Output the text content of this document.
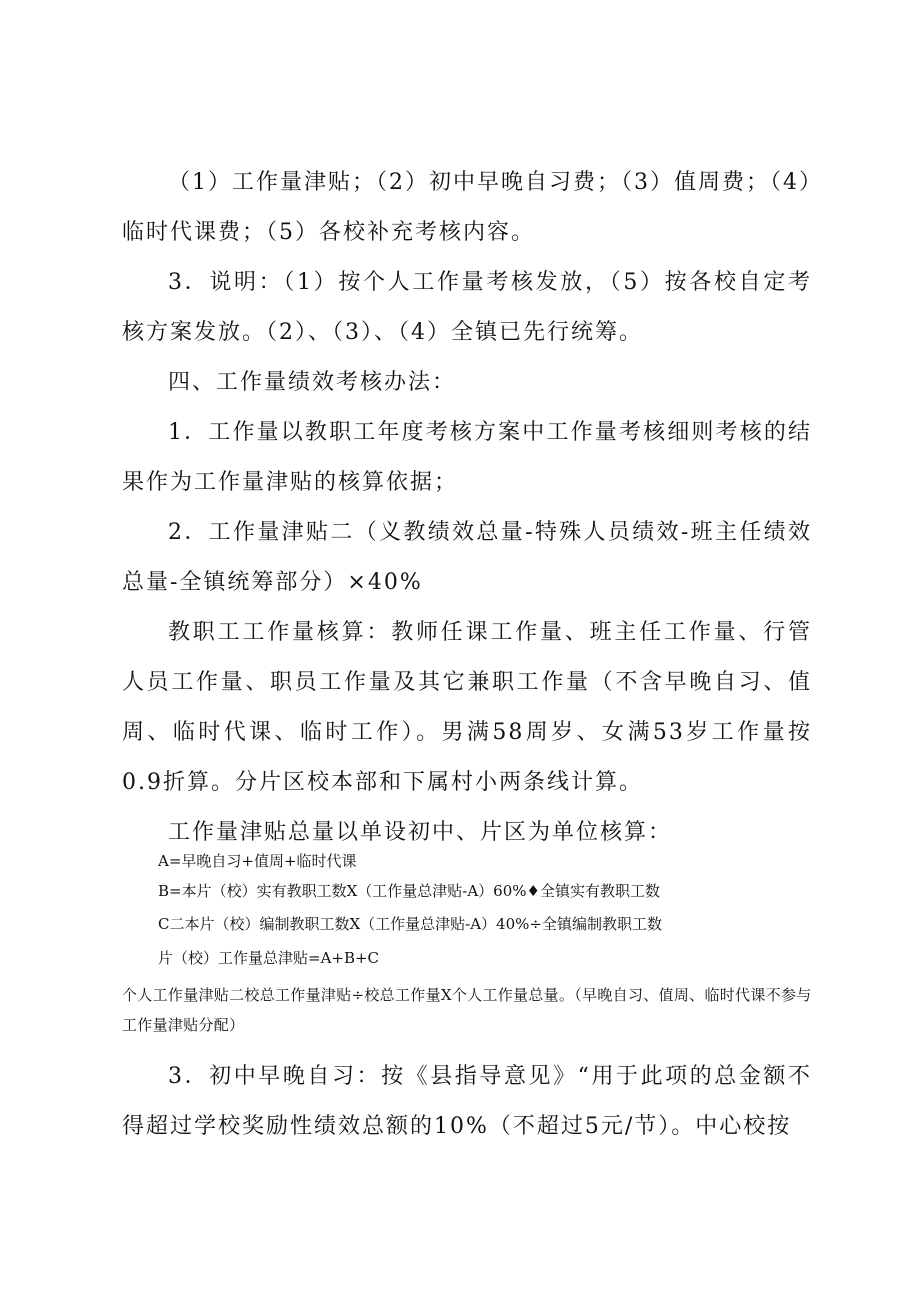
（1）工作量津贴；（2）初中早晚自习费；（3）值周费；（4）临时代课费；（5）各校补充考核内容。

3．说明：（1）按个人工作量考核发放，（5）按各校自定考核方案发放。（2）、（3）、（4）全镇已先行统筹。

四、工作量绩效考核办法：

1．工作量以教职工年度考核方案中工作量考核细则考核的结果作为工作量津贴的核算依据；

2．工作量津贴二（义教绩效总量-特殊人员绩效-班主任绩效总量-全镇统筹部分）×40%

教职工工作量核算：教师任课工作量、班主任工作量、行管人员工作量、职员工作量及其它兼职工作量（不含早晚自习、值周、临时代课、临时工作）。男满58周岁、女满53岁工作量按0.9折算。分片区校本部和下属村小两条线计算。

工作量津贴总量以单设初中、片区为单位核算：

A=早晚自习+值周+临时代课

B=本片（校）实有教职工数X（工作量总津贴-A）60%♦全镇实有教职工数

C二本片（校）编制教职工数X（工作量总津贴-A）40%÷全镇编制教职工数

片（校）工作量总津贴=A+B+C

个人工作量津贴二校总工作量津贴÷校总工作量X个人工作量总量。（早晚自习、值周、临时代课不参与工作量津贴分配）

3．初中早晚自习：按《县指导意见》“用于此项的总金额不得超过学校奖励性绩效总额的10%（不超过5元/节）。中心校按
